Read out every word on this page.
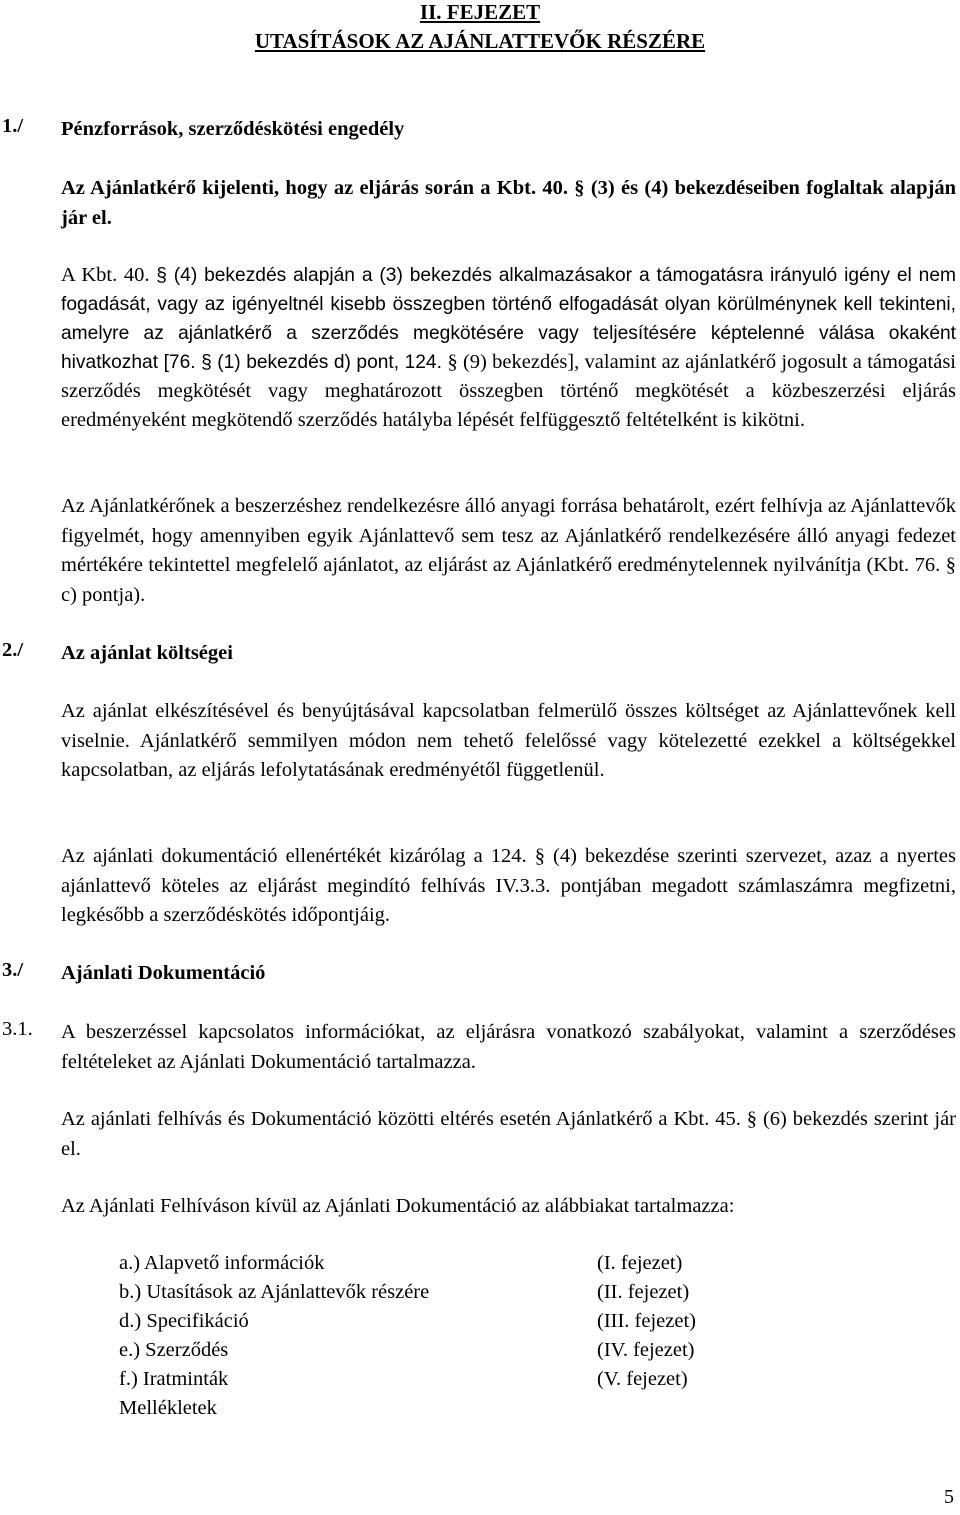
II. FEJEZET
UTASÍTÁSOK AZ AJÁNLATTEVŐK RÉSZÉRE
1./ Pénzforrások, szerződéskötési engedély
Az Ajánlatkérő kijelenti, hogy az eljárás során a Kbt. 40. § (3) és (4) bekezdéseiben foglaltak alapján jár el.
A Kbt. 40. § (4) bekezdés alapján a (3) bekezdés alkalmazásakor a támogatásra irányuló igény el nem fogadását, vagy az igényeltnél kisebb összegben történő elfogadását olyan körülménynek kell tekinteni, amelyre az ajánlatkérő a szerződés megkötésére vagy teljesítésére képtelenné válása okaként hivatkozhat [76. § (1) bekezdés d) pont, 124. § (9) bekezdés], valamint az ajánlatkérő jogosult a támogatási szerződés megkötését vagy meghatározott összegben történő megkötését a közbeszerzési eljárás eredményeként megkötendő szerződés hatályba lépését felfüggesztő feltételként is kikötni.
Az Ajánlatkérőnek a beszerzéshez rendelkezésre álló anyagi forrása behatárolt, ezért felhívja az Ajánlattevők figyelmét, hogy amennyiben egyik Ajánlattevő sem tesz az Ajánlatkérő rendelkezésére álló anyagi fedezet mértékére tekintettel megfelelő ajánlatot, az eljárást az Ajánlatkérő eredménytelennek nyilvánítja (Kbt. 76. § c) pontja).
2./ Az ajánlat költségei
Az ajánlat elkészítésével és benyújtásával kapcsolatban felmerülő összes költséget az Ajánlattevőnek kell viselnie. Ajánlatkérő semmilyen módon nem tehető felelőssé vagy kötelezetté ezekkel a költségekkel kapcsolatban, az eljárás lefolytatásának eredményétől függetlenül.
Az ajánlati dokumentáció ellenértékét kizárólag a 124. § (4) bekezdése szerinti szervezet, azaz a nyertes ajánlattevő köteles az eljárást megindító felhívás IV.3.3. pontjában megadott számlaszámra megfizetni, legkésőbb a szerződéskötés időpontjáig.
3./ Ajánlati Dokumentáció
3.1. A beszerzéssel kapcsolatos információkat, az eljárásra vonatkozó szabályokat, valamint a szerződéses feltételeket az Ajánlati Dokumentáció tartalmazza.
Az ajánlati felhívás és Dokumentáció közötti eltérés esetén Ajánlatkérő a Kbt. 45. § (6) bekezdés szerint jár el.
Az Ajánlati Felhíváson kívül az Ajánlati Dokumentáció az alábbiakat tartalmazza:
a.) Alapvető információk	(I. fejezet)
b.) Utasítások az Ajánlattevők részére	(II. fejezet)
d.) Specifikáció	(III. fejezet)
e.) Szerződés	(IV. fejezet)
f.) Iratminták	(V. fejezet)
Mellékletek
5
